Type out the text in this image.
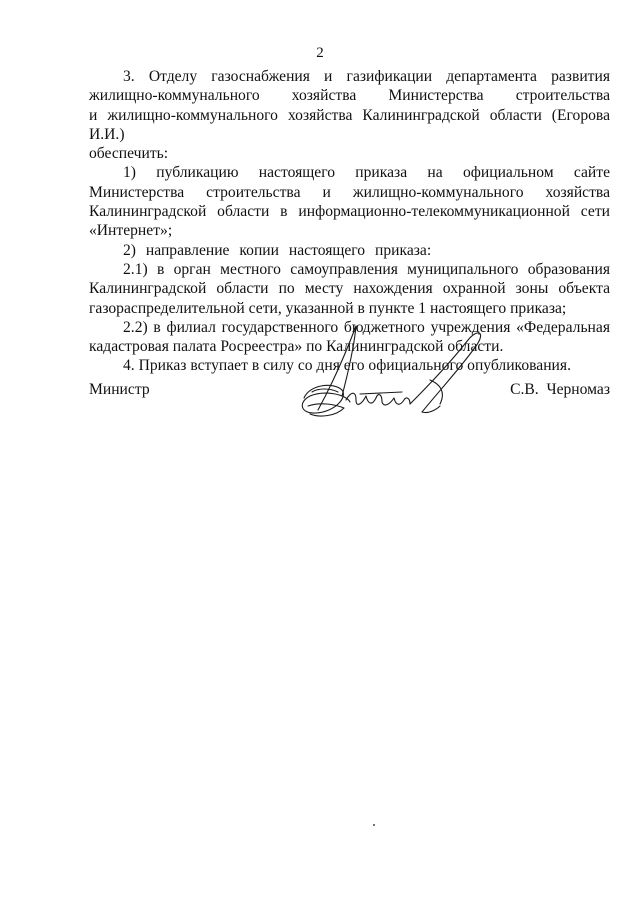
2
3. Отделу газоснабжения и газификации департамента развития
жилищно-коммунального хозяйства Министерства строительства
и жилищно-коммунального хозяйства Калининградской области (Егорова И.И.)
обеспечить:
1) публикацию настоящего приказа на официальном сайте
Министерства строительства и жилищно-коммунального хозяйства
Калининградской области в информационно-телекоммуникационной сети
«Интернет»;
2) направление копии настоящего приказа:
2.1) в орган местного самоуправления муниципального образования
Калининградской области по месту нахождения охранной зоны объекта
газораспределительной сети, указанной в пункте 1 настоящего приказа;
2.2) в филиал государственного бюджетного учреждения «Федеральная
кадастровая палата Росреестра» по Калининградской области.
4. Приказ вступает в силу со дня его официального опубликования.
Министр	С.В.  Черномаз
